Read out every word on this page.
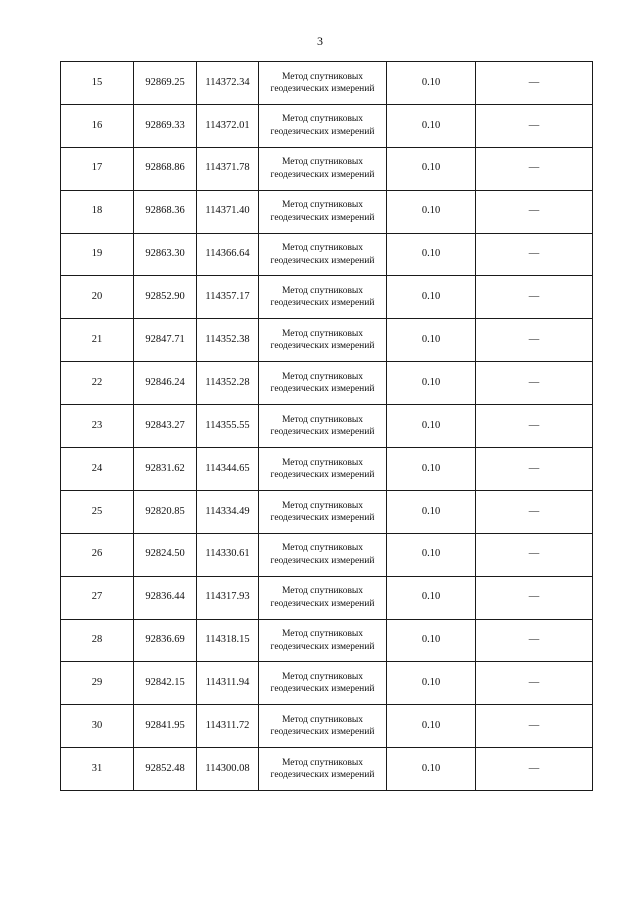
3
15	92869.25	114372.34	Метод спутниковых
геодезических измерений	0.10	—
16	92869.33	114372.01	Метод спутниковых
геодезических измерений	0.10	—
17	92868.86	114371.78	Метод спутниковых
геодезических измерений	0.10	—
18	92868.36	114371.40	Метод спутниковых
геодезических измерений	0.10	—
19	92863.30	114366.64	Метод спутниковых
геодезических измерений	0.10	—
20	92852.90	114357.17	Метод спутниковых
геодезических измерений	0.10	—
21	92847.71	114352.38	Метод спутниковых
геодезических измерений	0.10	—
22	92846.24	114352.28	Метод спутниковых
геодезических измерений	0.10	—
23	92843.27	114355.55	Метод спутниковых
геодезических измерений	0.10	—
24	92831.62	114344.65	Метод спутниковых
геодезических измерений	0.10	—
25	92820.85	114334.49	Метод спутниковых
геодезических измерений	0.10	—
26	92824.50	114330.61	Метод спутниковых
геодезических измерений	0.10	—
27	92836.44	114317.93	Метод спутниковых
геодезических измерений	0.10	—
28	92836.69	114318.15	Метод спутниковых
геодезических измерений	0.10	—
29	92842.15	114311.94	Метод спутниковых
геодезических измерений	0.10	—
30	92841.95	114311.72	Метод спутниковых
геодезических измерений	0.10	—
31	92852.48	114300.08	Метод спутниковых
геодезических измерений	0.10	—
